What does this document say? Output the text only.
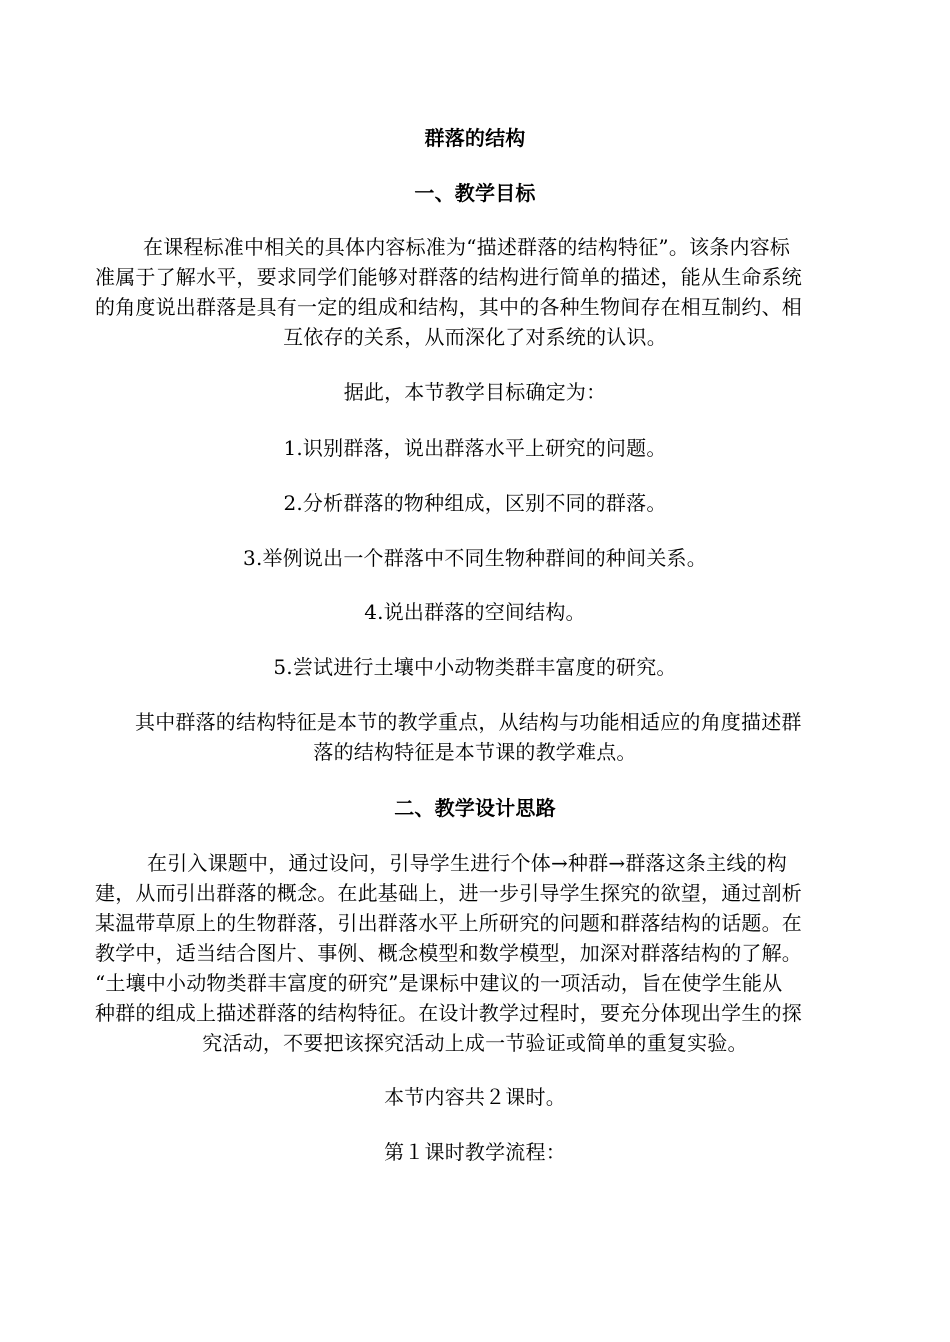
群落的结构
一、教学目标
在课程标准中相关的具体内容标准为“描述群落的结构特征”。该条内容标
准属于了解水平，要求同学们能够对群落的结构进行简单的描述，能从生命系统
的角度说出群落是具有一定的组成和结构，其中的各种生物间存在相互制约、相
互依存的关系，从而深化了对系统的认识。
据此，本节教学目标确定为：
1.识别群落，说出群落水平上研究的问题。
2.分析群落的物种组成，区别不同的群落。
3.举例说出一个群落中不同生物种群间的种间关系。
4.说出群落的空间结构。
5.尝试进行土壤中小动物类群丰富度的研究。
其中群落的结构特征是本节的教学重点，从结构与功能相适应的角度描述群
落的结构特征是本节课的教学难点。
二、教学设计思路
在引入课题中，通过设问，引导学生进行个体→种群→群落这条主线的构
建，从而引出群落的概念。在此基础上，进一步引导学生探究的欲望，通过剖析
某温带草原上的生物群落，引出群落水平上所研究的问题和群落结构的话题。在
教学中，适当结合图片、事例、概念模型和数学模型，加深对群落结构的了解。
“土壤中小动物类群丰富度的研究”是课标中建议的一项活动，旨在使学生能从
种群的组成上描述群落的结构特征。在设计教学过程时，要充分体现出学生的探
究活动，不要把该探究活动上成一节验证或简单的重复实验。
本节内容共２课时。
第１课时教学流程：
